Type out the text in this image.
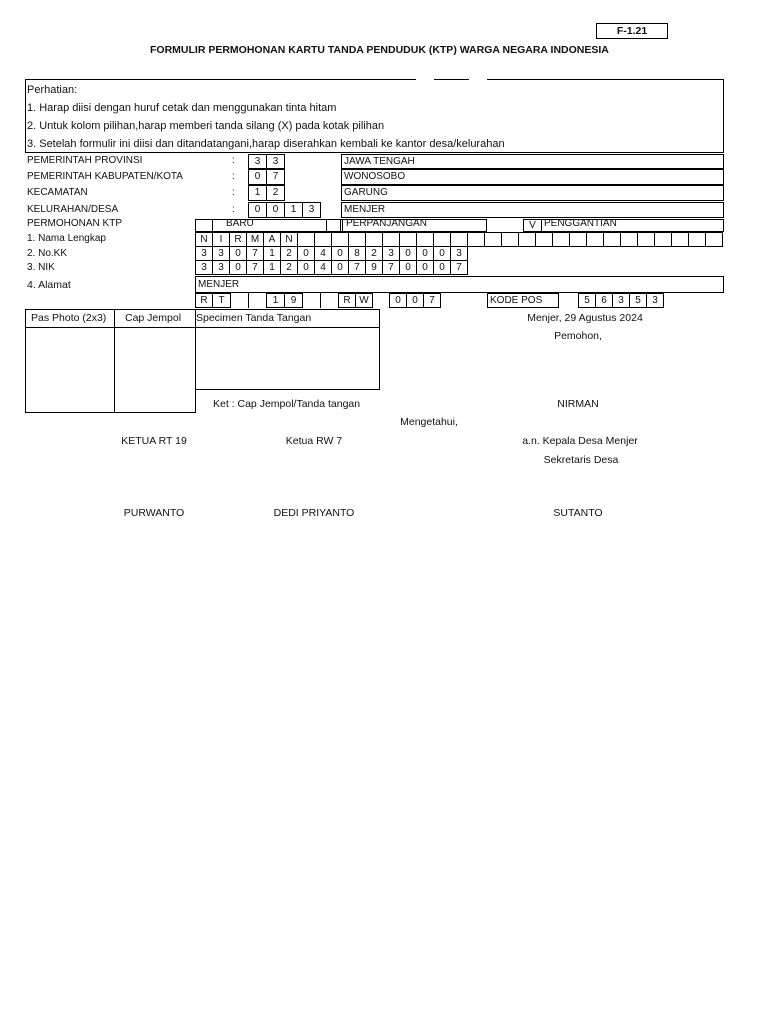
F-1.21
FORMULIR PERMOHONAN KARTU TANDA PENDUDUK (KTP) WARGA NEGARA INDONESIA
Perhatian:
1. Harap diisi dengan huruf cetak dan menggunakan tinta hitam
2. Untuk kolom pilihan,harap memberi tanda silang (X) pada kotak pilihan
3. Setelah formulir ini diisi dan ditandatangani,harap diserahkan kembali ke kantor desa/kelurahan
PEMERINTAH PROVINSI	:	3	3	JAWA TENGAH
PEMERINTAH KABUPATEN/KOTA	:	0	7	WONOSOBO
KECAMATAN	:	1	2	GARUNG
KELURAHAN/DESA	:	0	0	1	3	MENJER
PERMOHONAN KTP	BARU	PERPANJANGAN	V PENGGANTIAN
1. Nama Lengkap	N	I	R M A	N
2. No.KK	3	3	0	7	1	2	0	4	0	8	2	3	0	0	0	3
3. NIK	3	3	0	7	1	2	0	4	0	7	9	7	0	0	0	7
4. Alamat	MENJER
R	T	1	9	R W	0	0	7	KODE POS	5	6	3	5	3
Pas Photo (2x3) Cap Jempol Specimen Tanda Tangan
Ket : Cap Jempol/Tanda tangan
Menjer, 29 Agustus 2024
Pemohon,
NIRMAN
Mengetahui,
KETUA RT 19	Ketua RW 7	a.n. Kepala Desa Menjer
Sekretaris Desa
PURWANTO	DEDI PRIYANTO	SUTANTO
